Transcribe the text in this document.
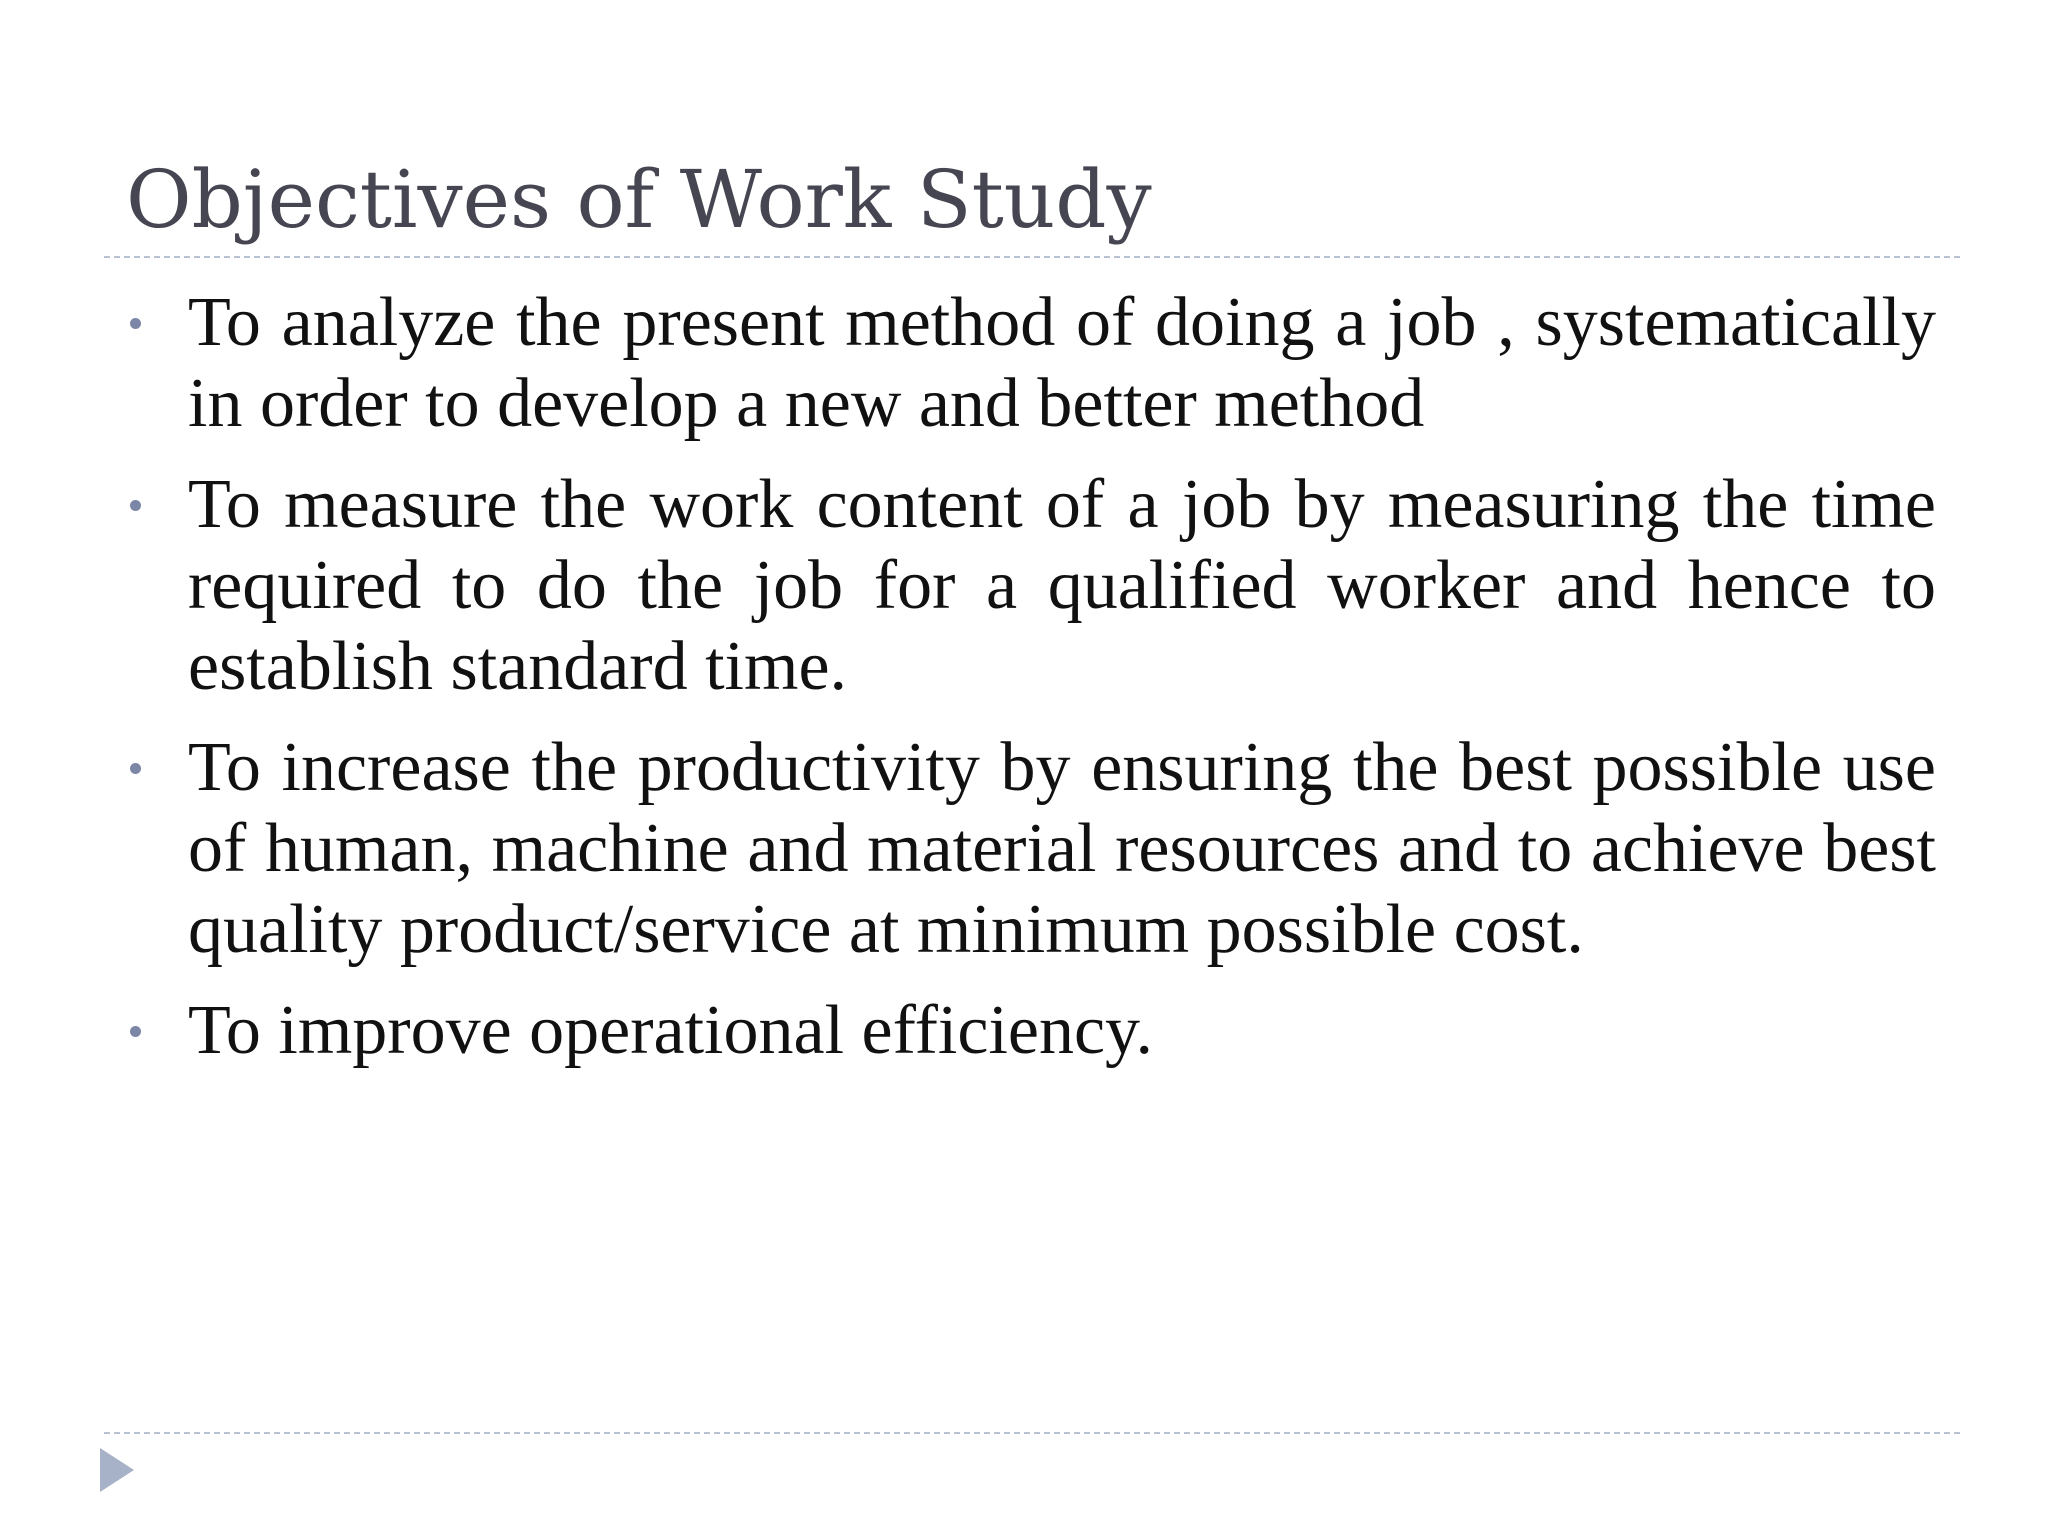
Objectives of Work Study
To analyze the present method of doing a job , systematically in order to develop a new and better method
To measure the work content of a job by measuring the time required to do the job for a qualified worker and hence to establish standard time.
To increase the productivity by ensuring the best possible use of human, machine and material resources and to achieve best quality product/service at minimum possible cost.
To improve operational efficiency.
